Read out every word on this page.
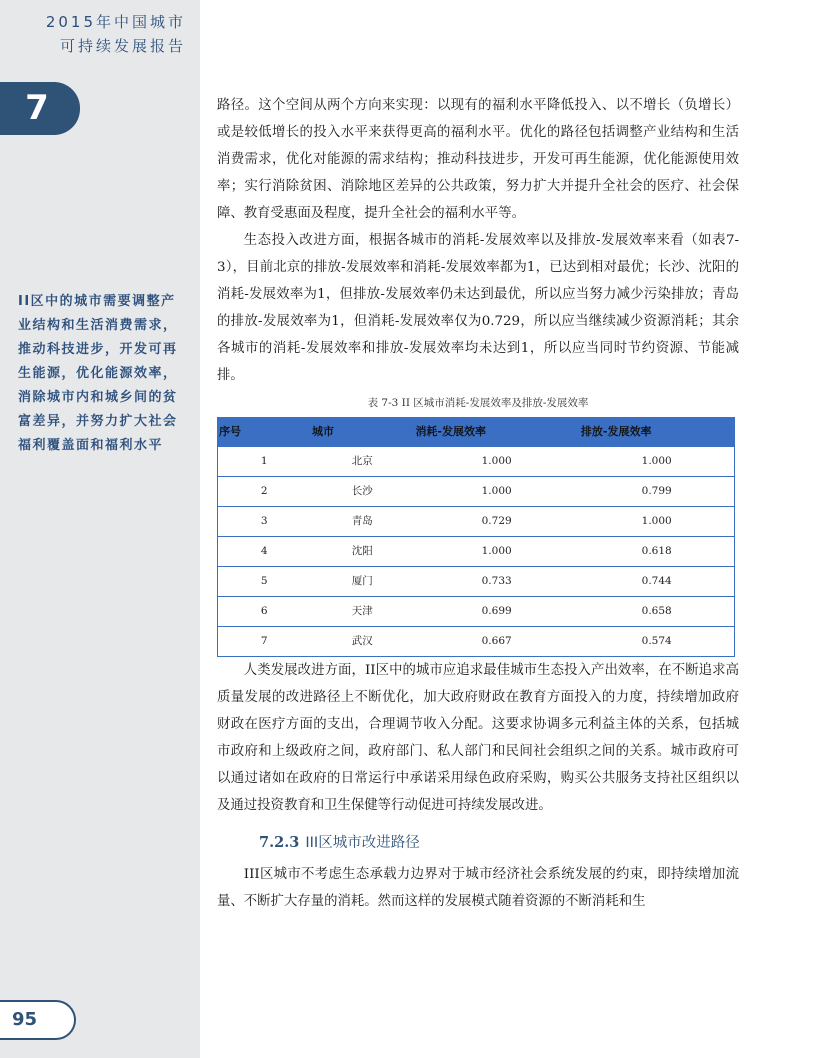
2015年中国城市
可持续发展报告
7
II区中的城市需要调整产业结构和生活消费需求，推动科技进步，开发可再生能源，优化能源效率，消除城市内和城乡间的贫富差异，并努力扩大社会福利覆盖面和福利水平
95

路径。这个空间从两个方向来实现：以现有的福利水平降低投入、以不增长（负增长）或是较低增长的投入水平来获得更高的福利水平。优化的路径包括调整产业结构和生活消费需求，优化对能源的需求结构；推动科技进步，开发可再生能源，优化能源使用效率；实行消除贫困、消除地区差异的公共政策，努力扩大并提升全社会的医疗、社会保障、教育受惠面及程度，提升全社会的福利水平等。

生态投入改进方面，根据各城市的消耗-发展效率以及排放-发展效率来看（如表7-3），目前北京的排放-发展效率和消耗-发展效率都为1，已达到相对最优；长沙、沈阳的消耗-发展效率为1，但排放-发展效率仍未达到最优，所以应当努力减少污染排放；青岛的排放-发展效率为1，但消耗-发展效率仅为0.729，所以应当继续减少资源消耗；其余各城市的消耗-发展效率和排放-发展效率均未达到1，所以应当同时节约资源、节能减排。

表 7-3 II 区城市消耗-发展效率及排放-发展效率
序号	城市	消耗-发展效率	排放-发展效率
1	北京	1.000	1.000
2	长沙	1.000	0.799
3	青岛	0.729	1.000
4	沈阳	1.000	0.618
5	厦门	0.733	0.744
6	天津	0.699	0.658
7	武汉	0.667	0.574

人类发展改进方面，II区中的城市应追求最佳城市生态投入产出效率，在不断追求高质量发展的改进路径上不断优化，加大政府财政在教育方面投入的力度，持续增加政府财政在医疗方面的支出，合理调节收入分配。这要求协调多元利益主体的关系，包括城市政府和上级政府之间，政府部门、私人部门和民间社会组织之间的关系。城市政府可以通过诸如在政府的日常运行中承诺采用绿色政府采购，购买公共服务支持社区组织以及通过投资教育和卫生保健等行动促进可持续发展改进。

7.2.3 III区城市改进路径

III区城市不考虑生态承载力边界对于城市经济社会系统发展的约束，即持续增加流量、不断扩大存量的消耗。然而这样的发展模式随着资源的不断消耗和生
